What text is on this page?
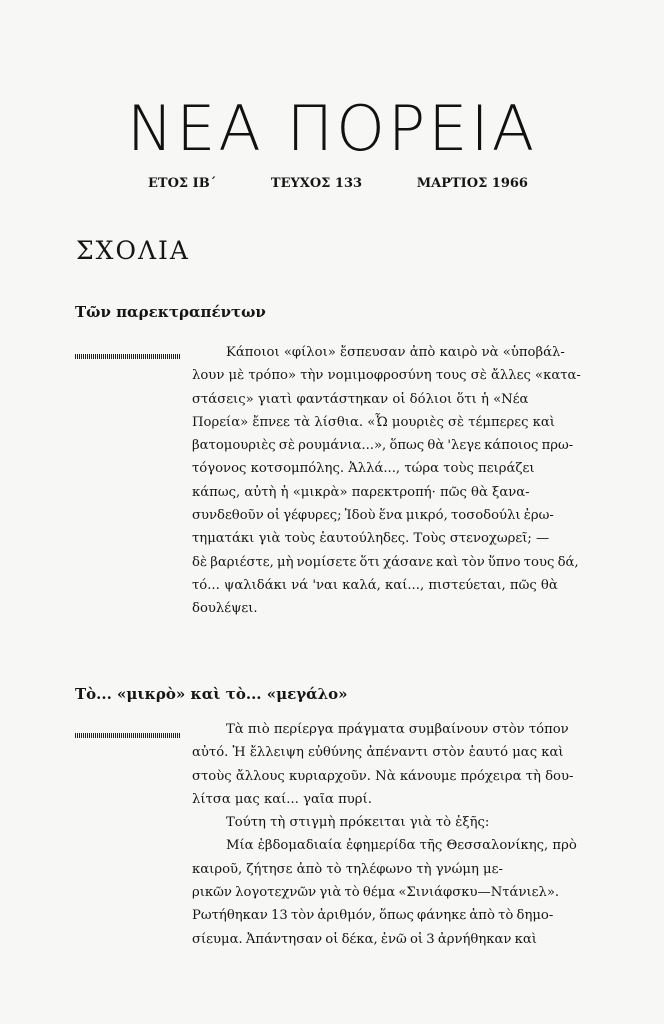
ΝΕΑ ΠΟΡΕΙΑ
ΕΤΟΣ ΙΒ΄	ΤΕΥΧΟΣ 133	ΜΑΡΤΙΟΣ 1966
ΣΧΟΛΙΑ
Τῶν παρεκτραπέντων

Κάποιοι «φίλοι» ἔσπευσαν ἀπὸ καιρὸ νὰ «ὑποβάλ-

λουν μὲ τρόπο» τὴν νομιμοφροσύνη τους σὲ ἄλλες «κατα-

στάσεις» γιατὶ φαντάστηκαν οἱ δόλιοι ὅτι ἡ «Νέα

Πορεία» ἔπνεε τὰ λίσθια. «Ὦ μουριὲς σὲ τέμπερες καὶ

βατομουριὲς σὲ ρουμάνια...», ὅπως θὰ 'λεγε κάποιος πρω-

τόγονος κοτσομπόλης. Ἀλλά..., τώρα τοὺς πειράζει

κάπως, αὐτὴ ἡ «μικρὰ» παρεκτροπή· πῶς θὰ ξανα-

συνδεθοῦν οἱ γέφυρες; Ἰδοὺ ἕνα μικρό, τοσοδούλι ἐρω-

τηματάκι γιὰ τοὺς ἑαυτούληδες. Τοὺς στενοχωρεῖ; —

δὲ βαριέστε, μὴ νομίσετε ὅτι χάσανε καὶ τὸν ὕπνο τους δά,

τό... ψαλιδάκι νά 'ναι καλά, καί..., πιστεύεται, πῶς θὰ

δουλέψει.

Τὸ... «μικρὸ» καὶ τὸ... «μεγάλο»

Τὰ πιὸ περίεργα πράγματα συμβαίνουν στὸν τόπον

αὐτό. Ἡ ἔλλειψη εὐθύνης ἀπέναντι στὸν ἑαυτό μας καὶ

στοὺς ἄλλους κυριαρχοῦν. Νὰ κάνουμε πρόχειρα τὴ δου-

λίτσα μας καί... γαῖα πυρί.

Τούτη τὴ στιγμὴ πρόκειται γιὰ τὸ ἑξῆς:

Μία ἑβδομαδιαία ἐφημερίδα τῆς Θεσσαλονίκης, πρὸ

καιροῦ, ζήτησε ἀπὸ τὸ τηλέφωνο τὴ γνώμη με-

ρικῶν λογοτεχνῶν γιὰ τὸ θέμα «Σινιάφσκυ—Ντάνιελ».

Ρωτήθηκαν 13 τὸν ἀριθμόν, ὅπως φάνηκε ἀπὸ τὸ δημο-

σίευμα. Ἀπάντησαν οἱ δέκα, ἐνῶ οἱ 3 ἀρνήθηκαν καὶ
